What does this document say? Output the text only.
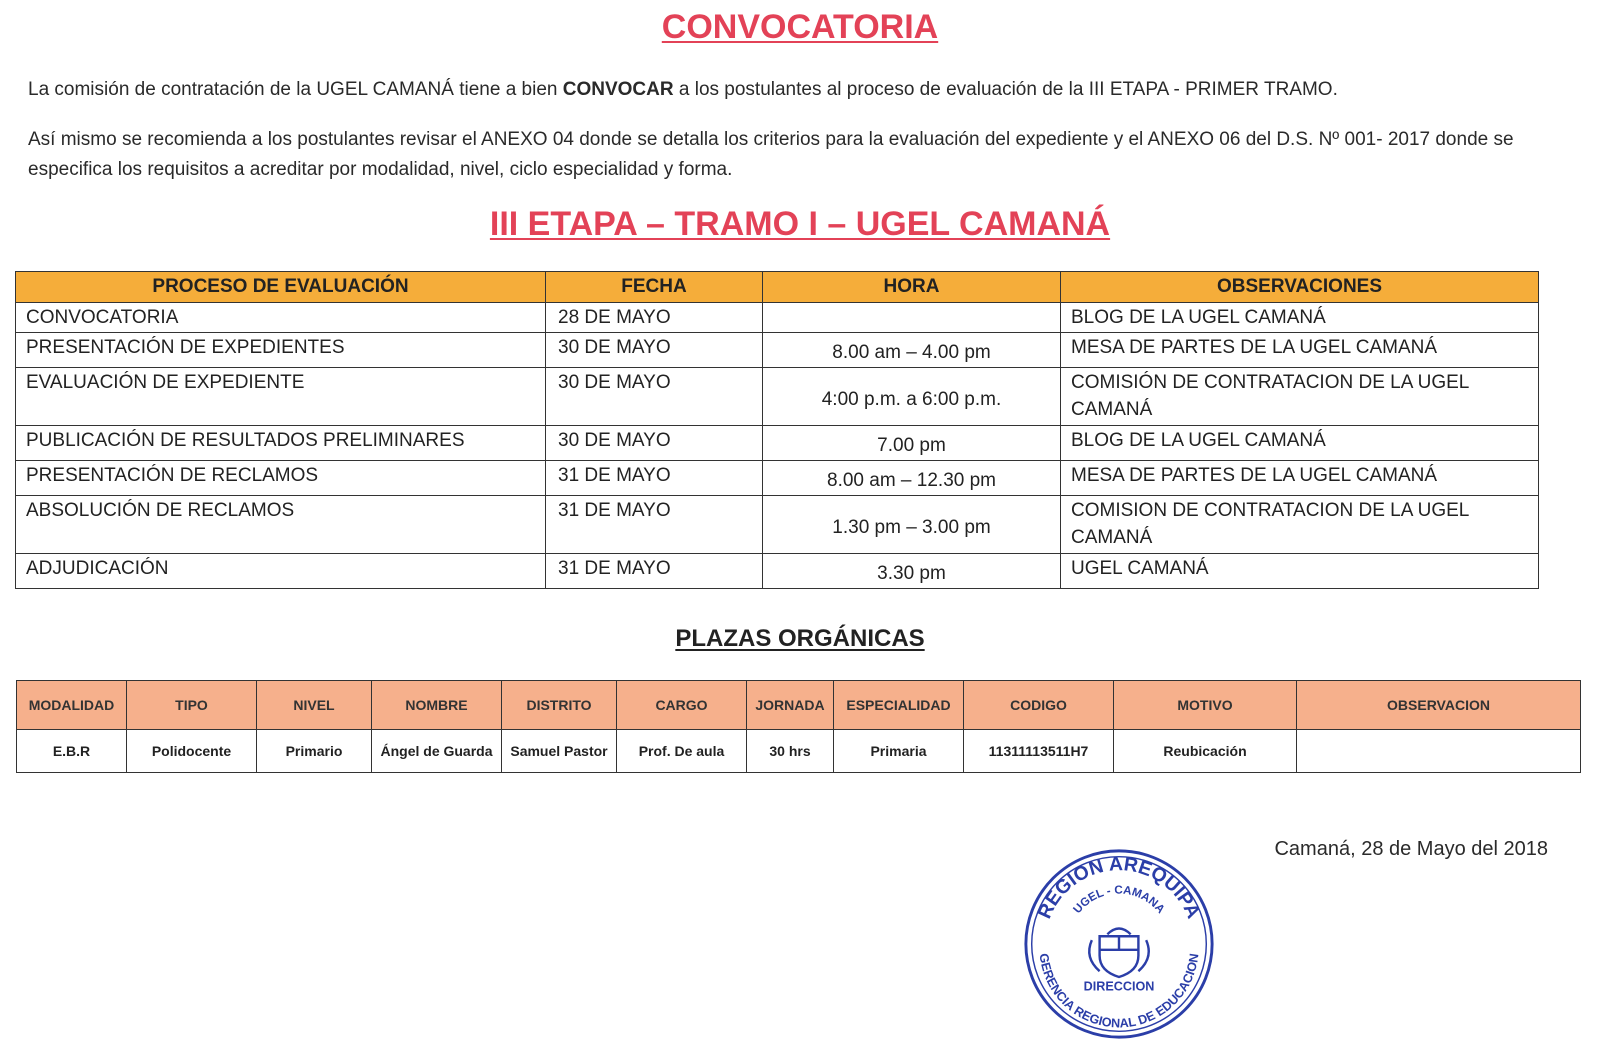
CONVOCATORIA
La comisión de contratación de la UGEL CAMANÁ tiene a bien CONVOCAR a los postulantes al proceso de evaluación de la III ETAPA - PRIMER TRAMO.
Así mismo se recomienda a los postulantes revisar el ANEXO 04 donde se detalla los criterios para la evaluación del expediente y el ANEXO 06 del D.S. Nº 001- 2017 donde se especifica los requisitos a acreditar por modalidad, nivel, ciclo especialidad y forma.
III ETAPA – TRAMO I – UGEL CAMANÁ
PROCESO DE EVALUACIÓN	FECHA	HORA	OBSERVACIONES
CONVOCATORIA	28 DE MAYO		BLOG DE LA UGEL CAMANÁ
PRESENTACIÓN DE EXPEDIENTES	30 DE MAYO	8.00 am – 4.00 pm	MESA DE PARTES DE LA UGEL CAMANÁ
EVALUACIÓN DE EXPEDIENTE	30 DE MAYO	4:00 p.m. a 6:00 p.m.	COMISIÓN DE CONTRATACION DE LA UGEL CAMANÁ
PUBLICACIÓN DE RESULTADOS PRELIMINARES	30 DE MAYO	7.00 pm	BLOG DE LA UGEL CAMANÁ
PRESENTACIÓN DE RECLAMOS	31 DE MAYO	8.00 am – 12.30 pm	MESA DE PARTES DE LA UGEL CAMANÁ
ABSOLUCIÓN DE RECLAMOS	31 DE MAYO	1.30 pm – 3.00 pm	COMISION DE CONTRATACION DE LA UGEL CAMANÁ
ADJUDICACIÓN	31 DE MAYO	3.30 pm	UGEL CAMANÁ
PLAZAS ORGÁNICAS
MODALIDAD	TIPO	NIVEL	NOMBRE	DISTRITO	CARGO	JORNADA	ESPECIALIDAD	CODIGO	MOTIVO	OBSERVACION
E.B.R	Polidocente	Primario	Ángel de Guarda	Samuel Pastor	Prof. De aula	30 hrs	Primaria	11311113511H7	Reubicación	
Camaná, 28 de Mayo del 2018
REGION AREQUIPA
UGEL - CAMANA
GERENCIA REGIONAL DE EDUCACION
DIRECCION
